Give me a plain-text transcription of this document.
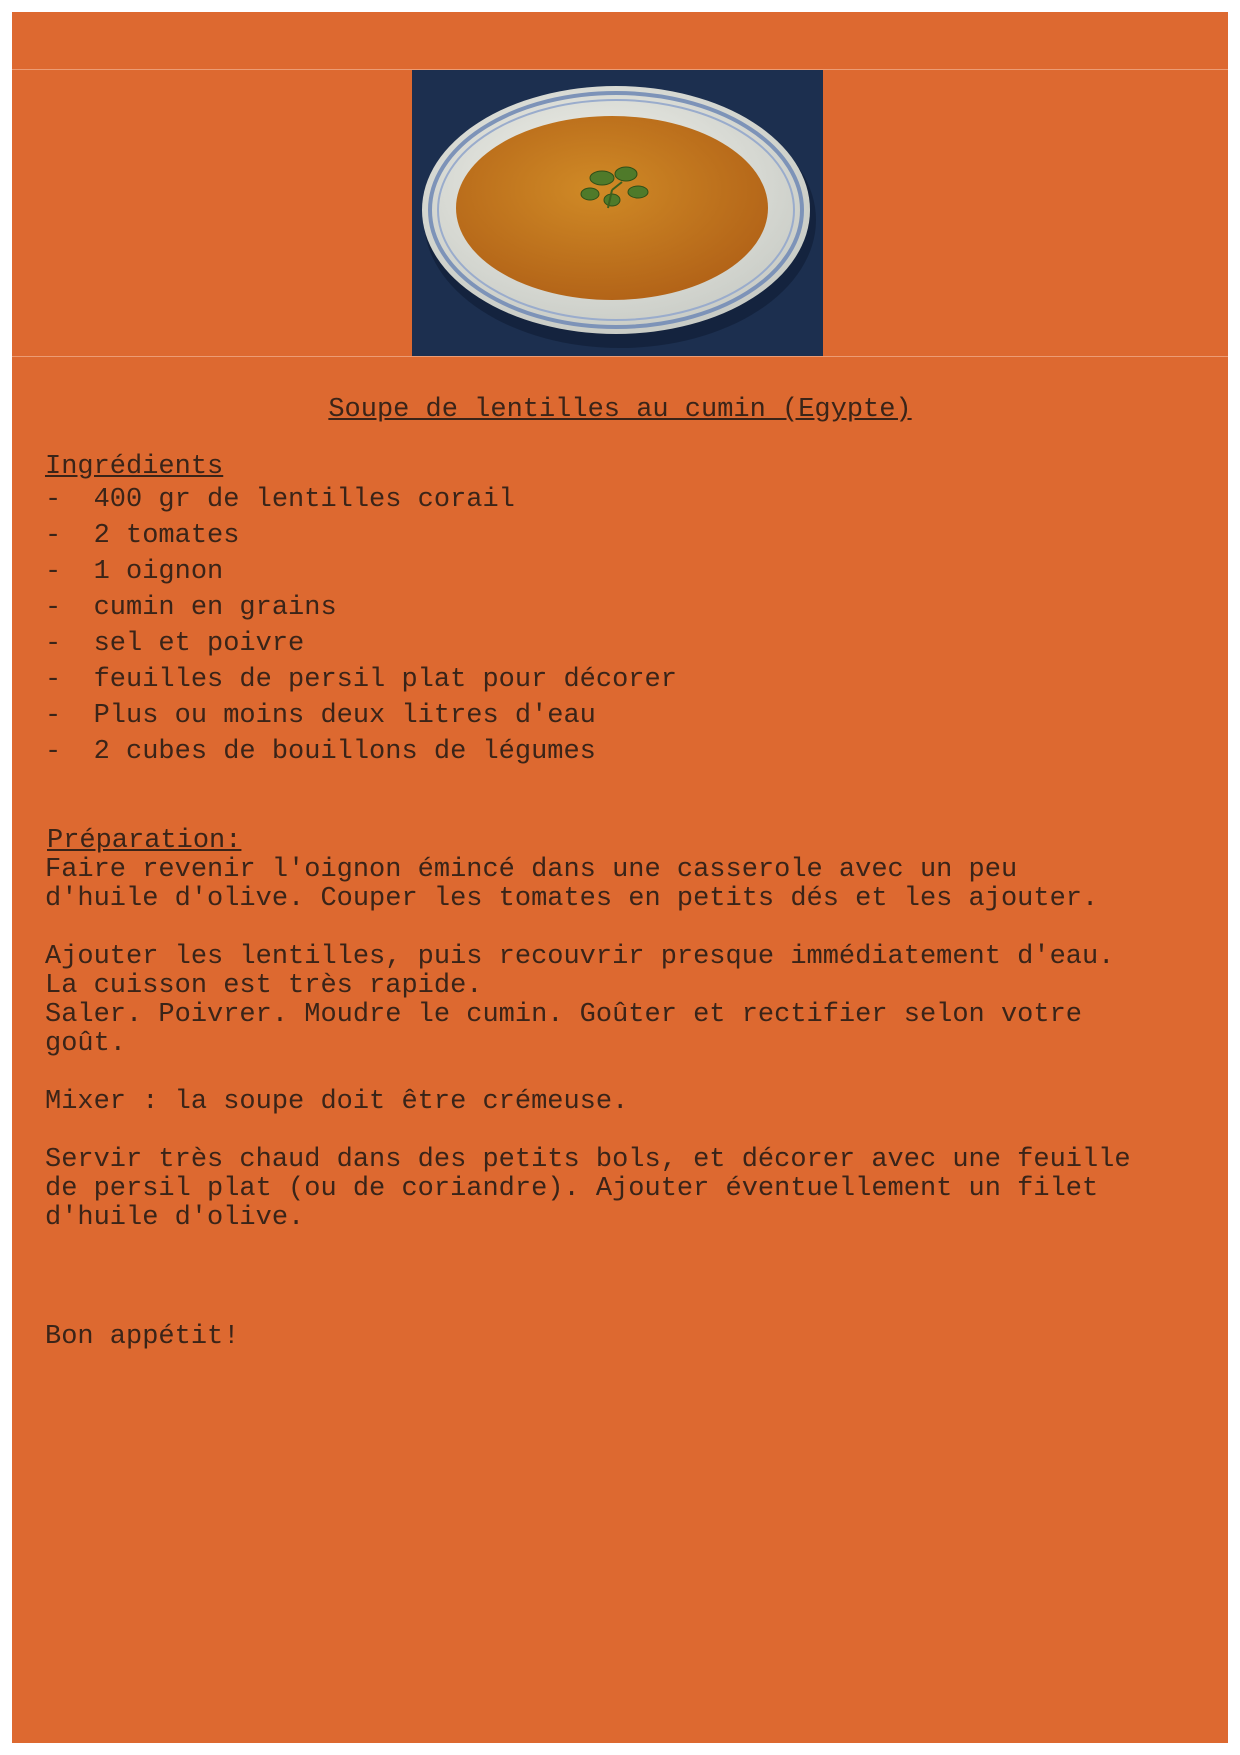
Soupe de lentilles au cumin (Egypte)
Ingrédients
-  400 gr de lentilles corail
-  2 tomates
-  1 oignon
-  cumin en grains
-  sel et poivre
-  feuilles de persil plat pour décorer
-  Plus ou moins deux litres d'eau
-  2 cubes de bouillons de légumes
Préparation:

Faire revenir l'oignon émincé dans une casserole avec un peu
d'huile d'olive. Couper les tomates en petits dés et les ajouter.

Ajouter les lentilles, puis recouvrir presque immédiatement d'eau.
La cuisson est très rapide.
Saler. Poivrer. Moudre le cumin. Goûter et rectifier selon votre
goût.

Mixer : la soupe doit être crémeuse.

Servir très chaud dans des petits bols, et décorer avec une feuille
de persil plat (ou de coriandre). Ajouter éventuellement un filet
d'huile d'olive.

Bon appétit!
